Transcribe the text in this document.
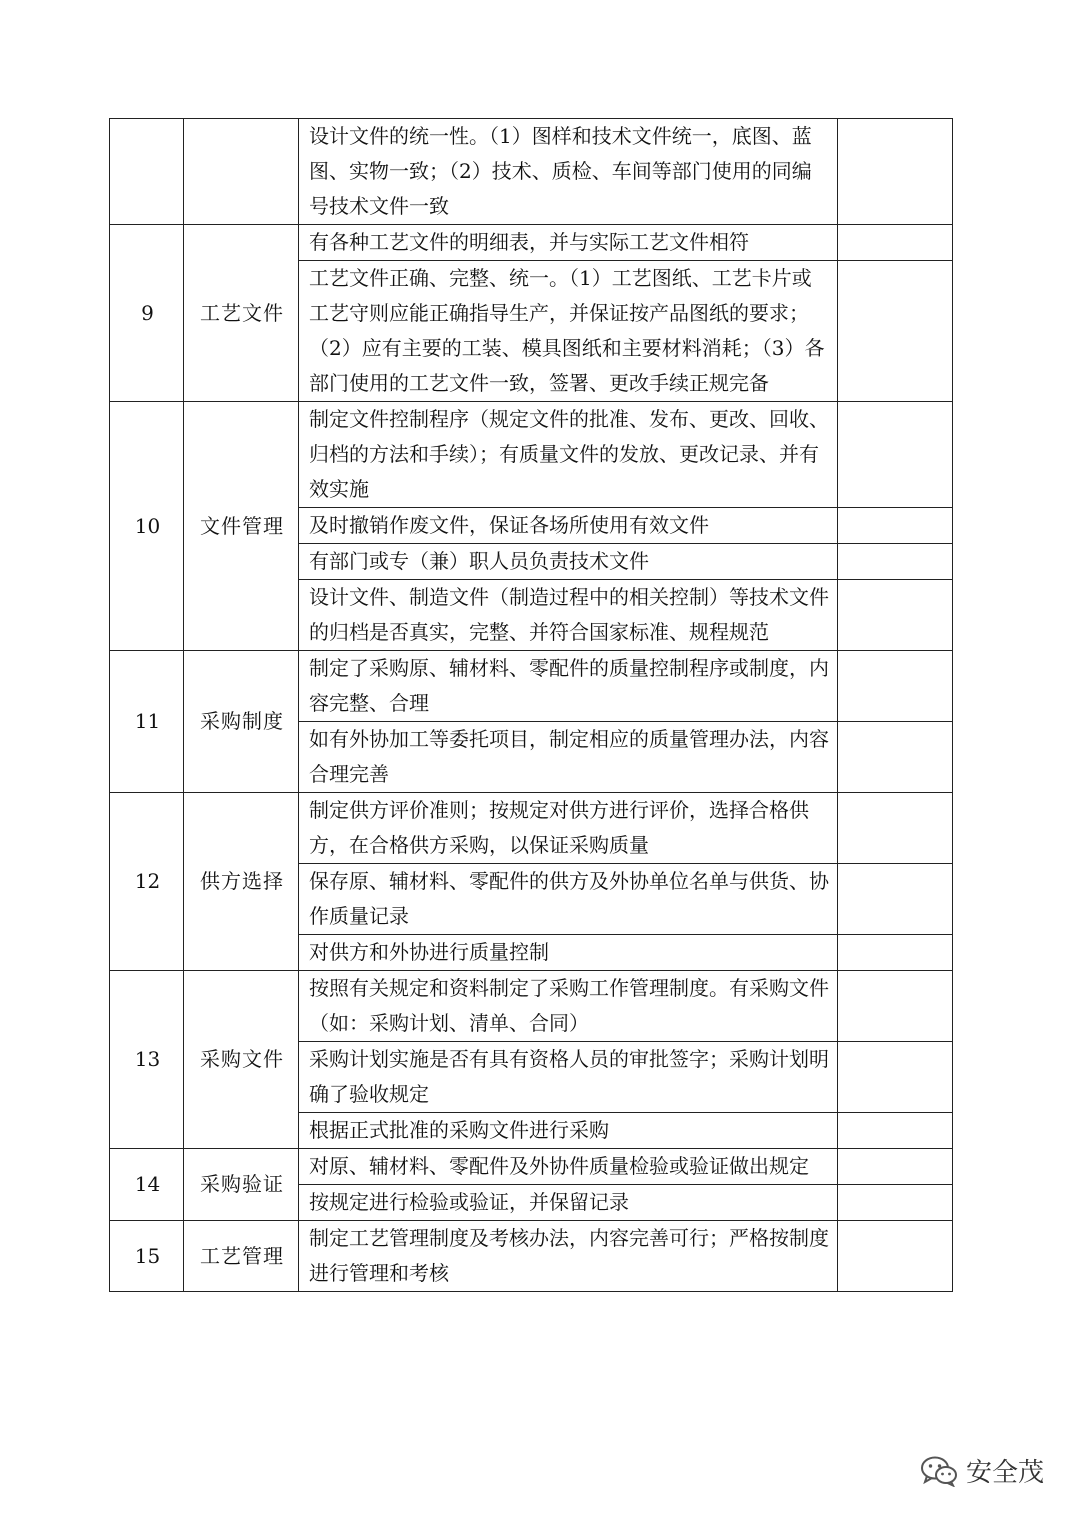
		设计文件的统一性。（1）图样和技术文件统一，底图、蓝图、实物一致；（2）技术、质检、车间等部门使用的同编号技术文件一致	
9	工艺文件	有各种工艺文件的明细表，并与实际工艺文件相符	
		工艺文件正确、完整、统一。（1）工艺图纸、工艺卡片或工艺守则应能正确指导生产，并保证按产品图纸的要求；（2）应有主要的工装、模具图纸和主要材料消耗；（3）各部门使用的工艺文件一致，签署、更改手续正规完备	
10	文件管理	制定文件控制程序（规定文件的批准、发布、更改、回收、归档的方法和手续）；有质量文件的发放、更改记录、并有效实施	
		及时撤销作废文件，保证各场所使用有效文件	
		有部门或专（兼）职人员负责技术文件	
		设计文件、制造文件（制造过程中的相关控制）等技术文件的归档是否真实，完整、并符合国家标准、规程规范	
11	采购制度	制定了采购原、辅材料、零配件的质量控制程序或制度，内容完整、合理	
		如有外协加工等委托项目，制定相应的质量管理办法，内容合理完善	
12	供方选择	制定供方评价准则；按规定对供方进行评价，选择合格供方，在合格供方采购，以保证采购质量	
		保存原、辅材料、零配件的供方及外协单位名单与供货、协作质量记录	
		对供方和外协进行质量控制	
13	采购文件	按照有关规定和资料制定了采购工作管理制度。有采购文件（如：采购计划、清单、合同）	
		采购计划实施是否有具有资格人员的审批签字；采购计划明确了验收规定	
		根据正式批准的采购文件进行采购	
14	采购验证	对原、辅材料、零配件及外协件质量检验或验证做出规定	
		按规定进行检验或验证，并保留记录	
15	工艺管理	制定工艺管理制度及考核办法，内容完善可行；严格按制度进行管理和考核	
安全茂
